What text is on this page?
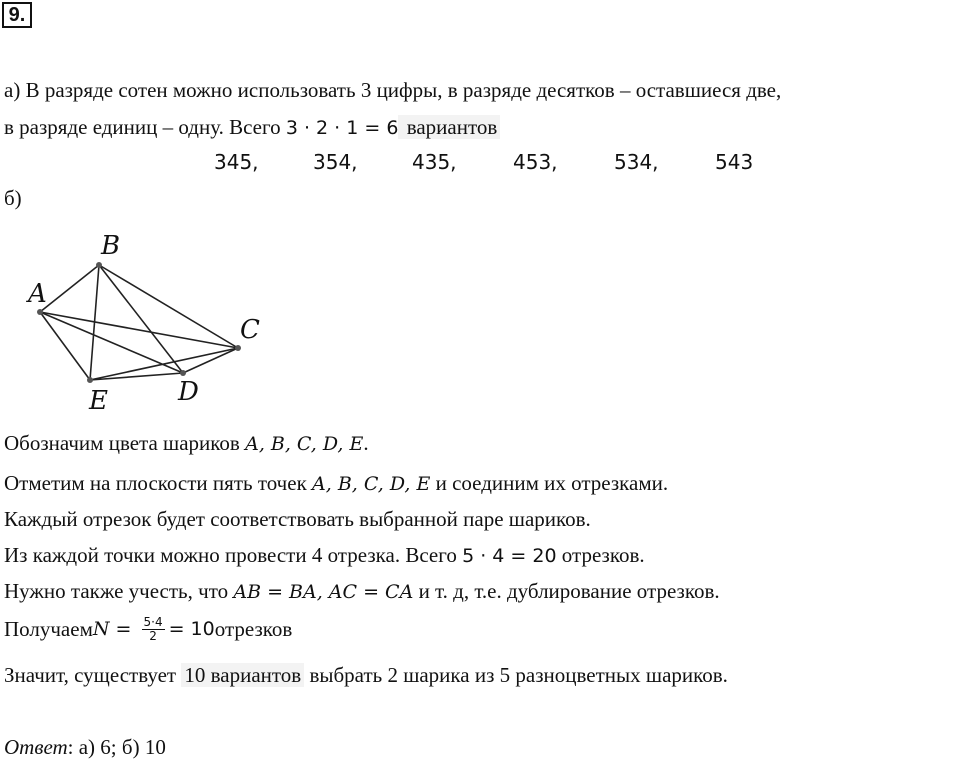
9.
а) В разряде сотен можно использовать 3 цифры, в разряде десятков – оставшиеся две,
в разряде единиц – одну. Всего 3 · 2 · 1 = 6 вариантов
345,	354,	435,	453,	534,	543
б)
A
B
C
D
E
Обозначим цвета шариков A, B, C, D, E.
Отметим на плоскости пять точек A, B, C, D, E и соединим их отрезками.
Каждый отрезок будет соответствовать выбранной паре шариков.
Из каждой точки можно провести 4 отрезка. Всего 5 · 4 = 20 отрезков.
Нужно также учесть, что AB = BA, AC = CA и т. д, т.е. дублирование отрезков.
Получаем $N = \frac{5\cdot 4}{2} = 10$ отрезков
Значит, существует 10 вариантов выбрать 2 шарика из 5 разноцветных шариков.
Ответ: а) 6; б) 10
